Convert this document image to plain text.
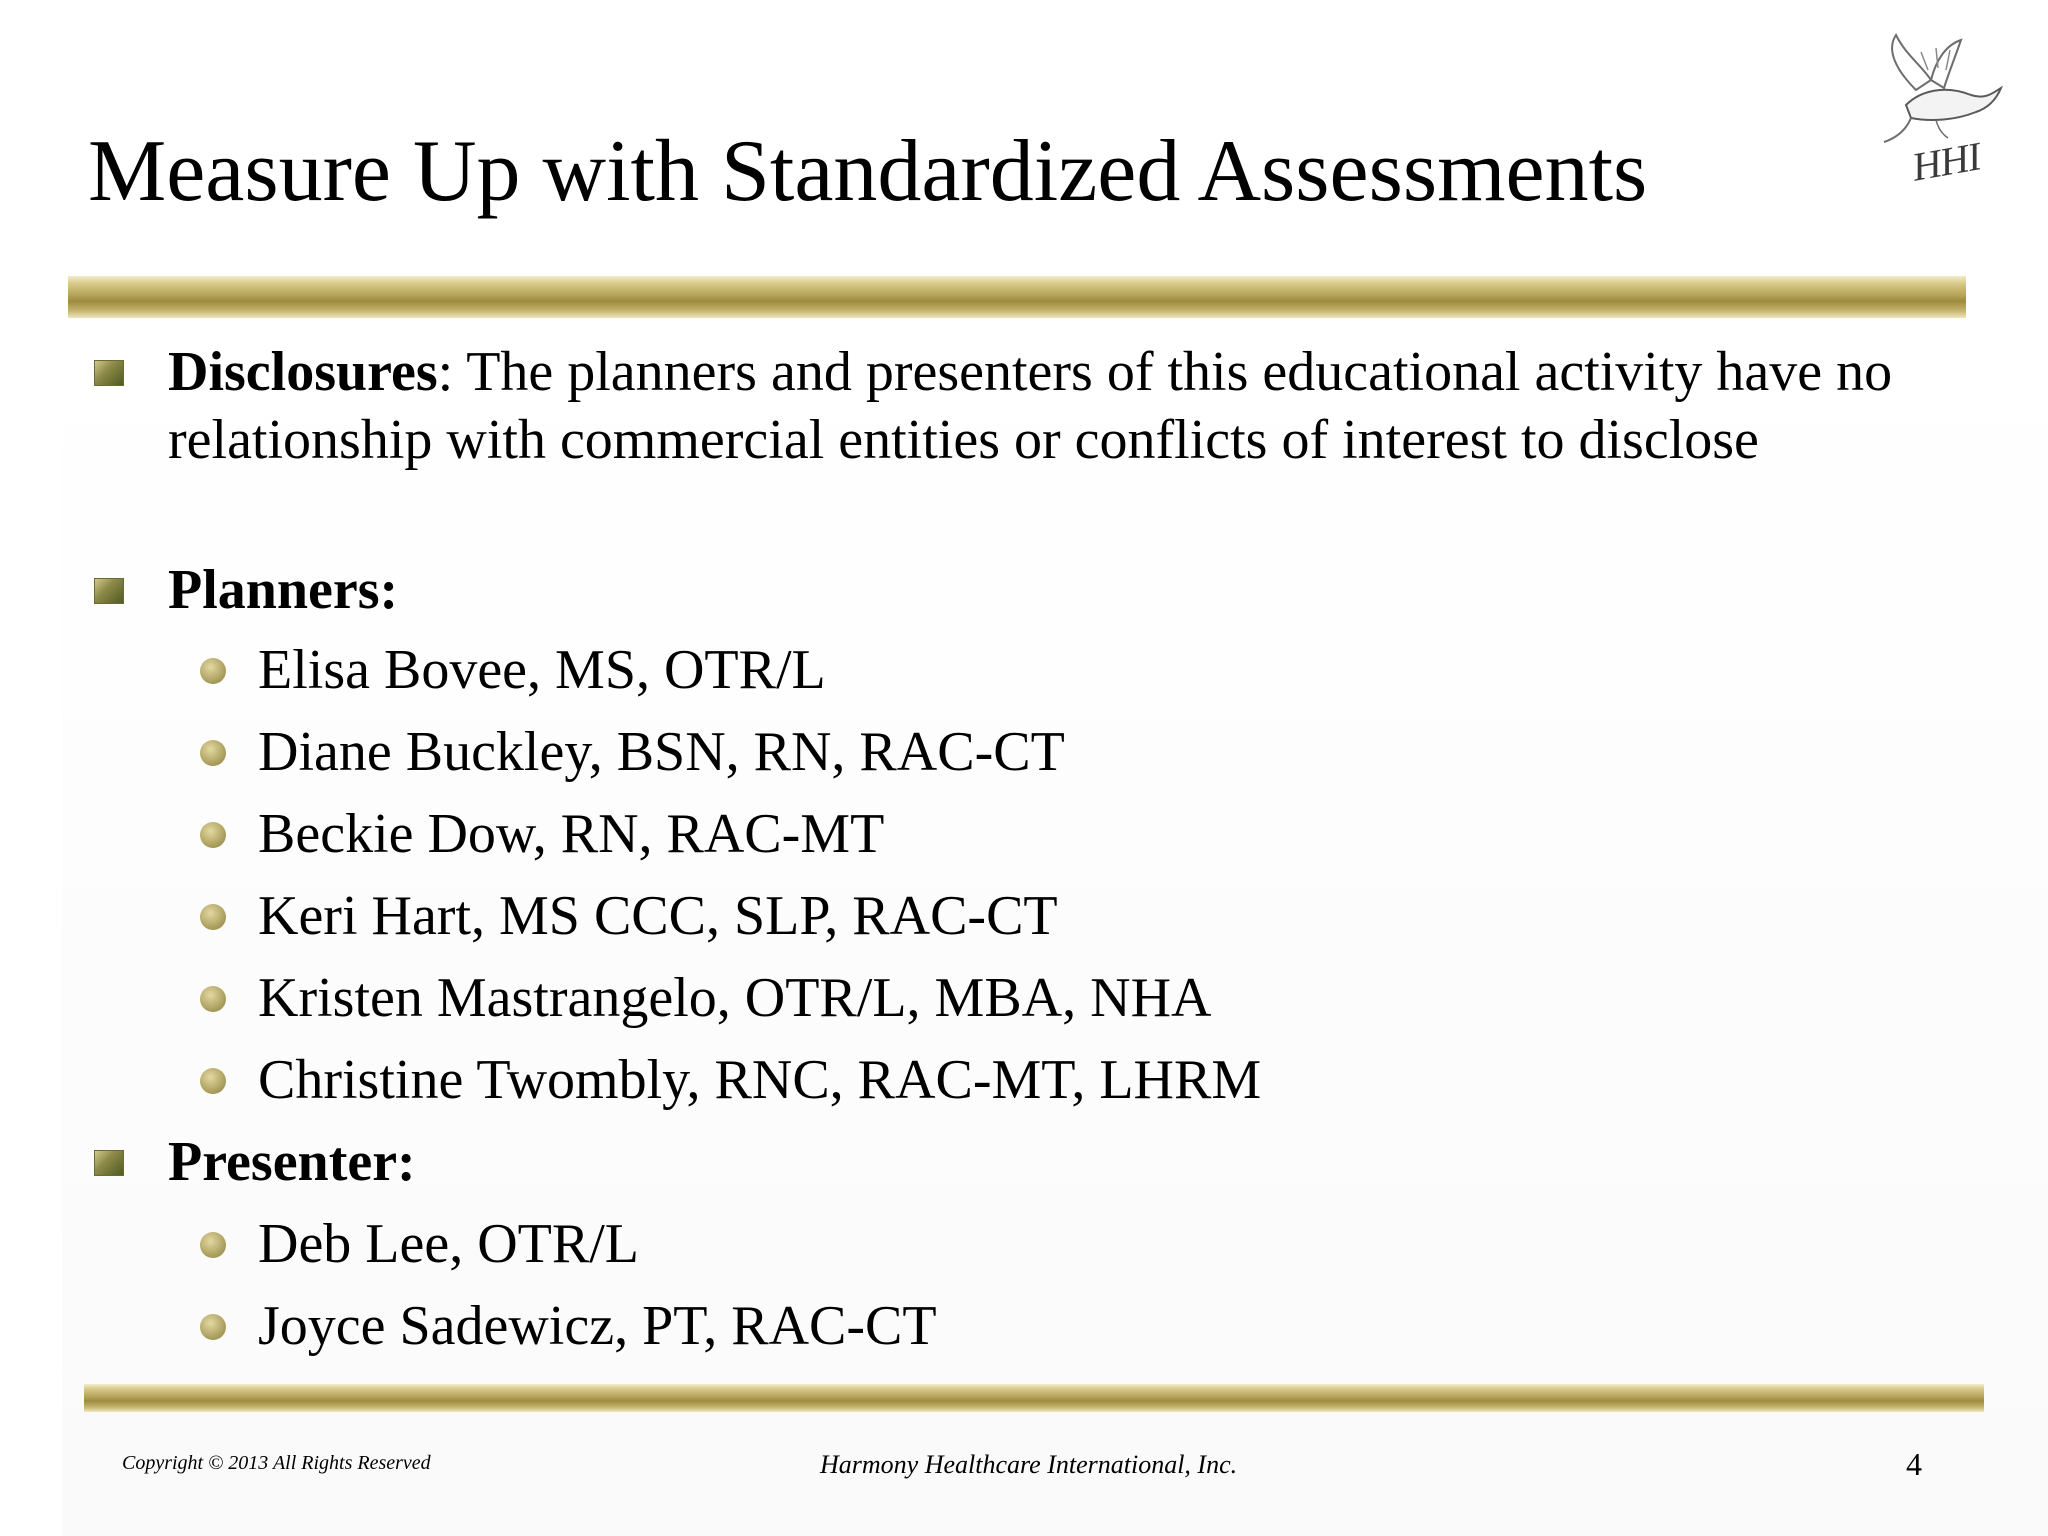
Measure Up with Standardized Assessments	HHI
Disclosures: The planners and presenters of this educational activity have no relationship with commercial entities or conflicts of interest to disclose
Planners:
Elisa Bovee, MS, OTR/L
Diane Buckley, BSN, RN, RAC-CT
Beckie Dow, RN, RAC-MT
Keri Hart, MS CCC, SLP, RAC-CT
Kristen Mastrangelo, OTR/L, MBA, NHA
Christine Twombly, RNC, RAC-MT, LHRM
Presenter:
Deb Lee, OTR/L
Joyce Sadewicz, PT, RAC-CT
Copyright © 2013 All Rights Reserved	Harmony Healthcare International, Inc.	4
